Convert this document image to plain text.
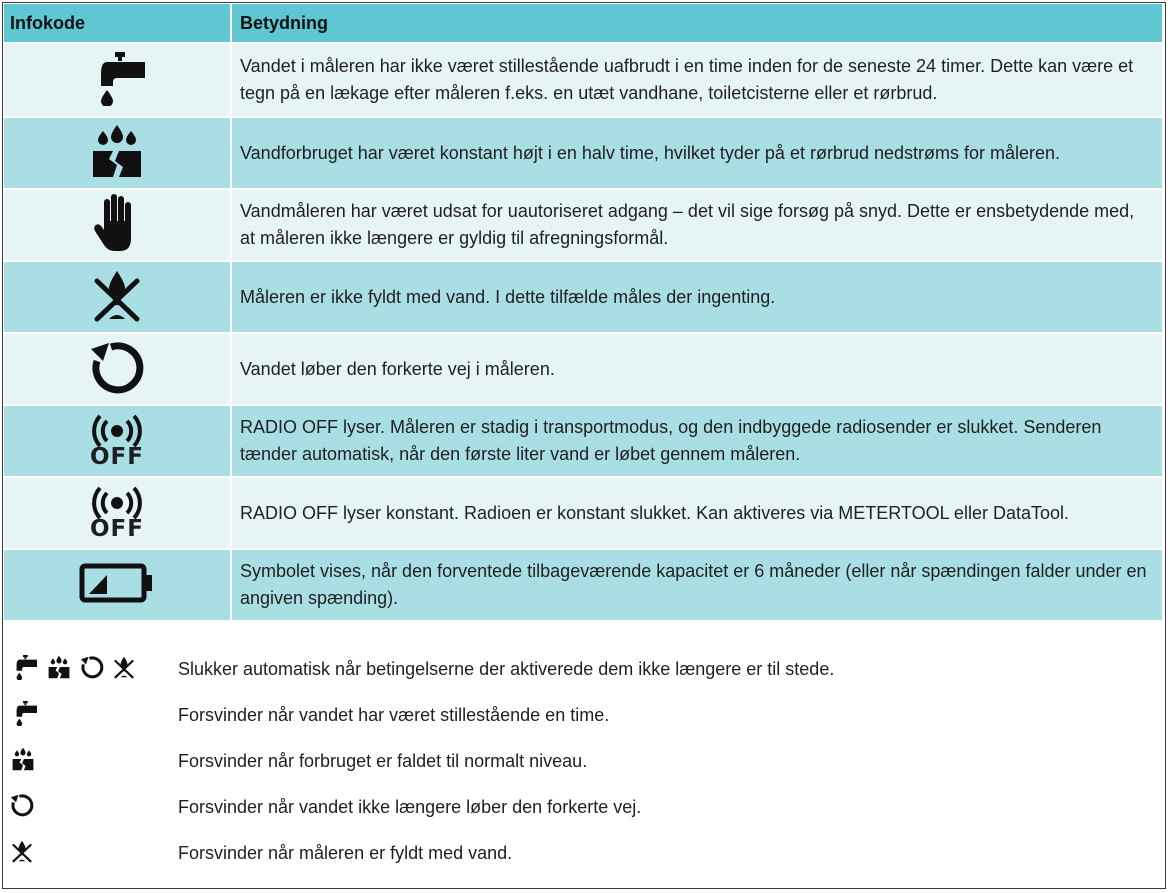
Infokode	Betydning

	Vandet i måleren har ikke været stillestående uafbrudt i en time inden for de seneste 24 timer. Dette kan være et tegn på en lækage efter måleren f.eks. en utæt vandhane, toiletcisterne eller et rørbrud.

	Vandforbruget har været konstant højt i en halv time, hvilket tyder på et rørbrud nedstrøms for måleren.

	Vandmåleren har været udsat for uautoriseret adgang – det vil sige forsøg på snyd. Dette er ensbetydende med, at måleren ikke længere er gyldig til afregningsformål.

	Måleren er ikke fyldt med vand. I dette tilfælde måles der ingenting.

	Vandet løber den forkerte vej i måleren.

OFF	RADIO OFF lyser. Måleren er stadig i transportmodus, og den indbyggede radiosender er slukket. Senderen tænder automatisk, når den første liter vand er løbet gennem måleren.

OFF	RADIO OFF lyser konstant. Radioen er konstant slukket. Kan aktiveres via METERTOOL eller DataTool.

	Symbolet vises, når den forventede tilbageværende kapacitet er 6 måneder (eller når spændingen falder under en angiven spænding).
Slukker automatisk når betingelserne der aktiverede dem ikke længere er til stede.
Forsvinder når vandet har været stillestående en time.
Forsvinder når forbruget er faldet til normalt niveau.
Forsvinder når vandet ikke længere løber den forkerte vej.
Forsvinder når måleren er fyldt med vand.
